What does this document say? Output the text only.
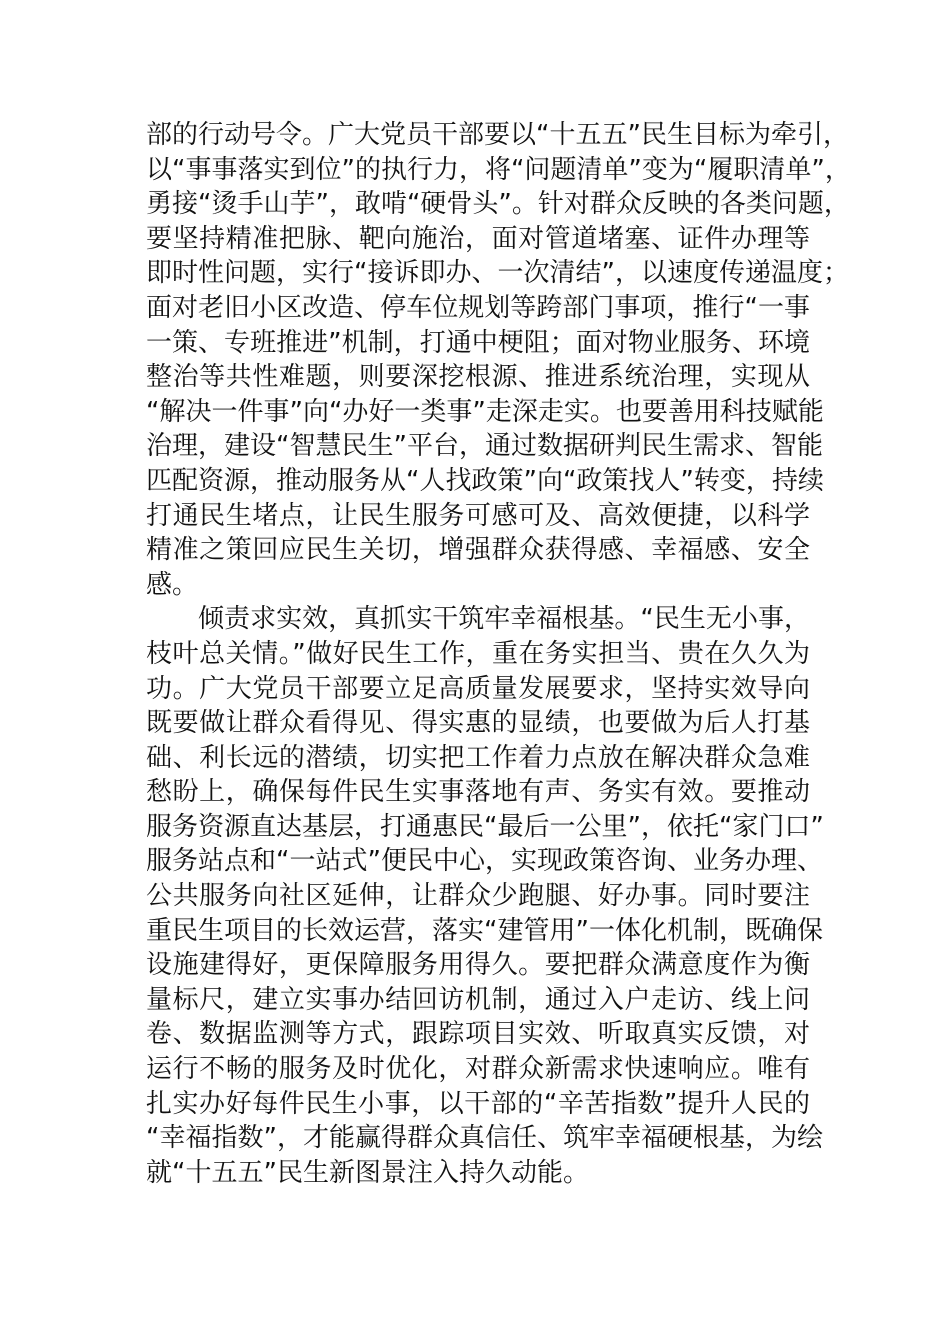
部的行动号令。广大党员干部要以“十五五”民生目标为牵引，
以“事事落实到位”的执行力，将“问题清单”变为“履职清单”，
勇接“烫手山芋”，敢啃“硬骨头”。针对群众反映的各类问题，
要坚持精准把脉、靶向施治，面对管道堵塞、证件办理等
即时性问题，实行“接诉即办、一次清结”，以速度传递温度；
面对老旧小区改造、停车位规划等跨部门事项，推行“一事
一策、专班推进”机制，打通中梗阻；面对物业服务、环境
整治等共性难题，则要深挖根源、推进系统治理，实现从
“解决一件事”向“办好一类事”走深走实。也要善用科技赋能
治理，建设“智慧民生”平台，通过数据研判民生需求、智能
匹配资源，推动服务从“人找政策”向“政策找人”转变，持续
打通民生堵点，让民生服务可感可及、高效便捷，以科学
精准之策回应民生关切，增强群众获得感、幸福感、安全
感。
　　倾责求实效，真抓实干筑牢幸福根基。“民生无小事，
枝叶总关情。”做好民生工作，重在务实担当、贵在久久为
功。广大党员干部要立足高质量发展要求，坚持实效导向
既要做让群众看得见、得实惠的显绩，也要做为后人打基
础、利长远的潜绩，切实把工作着力点放在解决群众急难
愁盼上，确保每件民生实事落地有声、务实有效。要推动
服务资源直达基层，打通惠民“最后一公里”，依托“家门口”
服务站点和“一站式”便民中心，实现政策咨询、业务办理、
公共服务向社区延伸，让群众少跑腿、好办事。同时要注
重民生项目的长效运营，落实“建管用”一体化机制，既确保
设施建得好，更保障服务用得久。要把群众满意度作为衡
量标尺，建立实事办结回访机制，通过入户走访、线上问
卷、数据监测等方式，跟踪项目实效、听取真实反馈，对
运行不畅的服务及时优化，对群众新需求快速响应。唯有
扎实办好每件民生小事，以干部的“辛苦指数”提升人民的
“幸福指数”，才能赢得群众真信任、筑牢幸福硬根基，为绘
就“十五五”民生新图景注入持久动能。
